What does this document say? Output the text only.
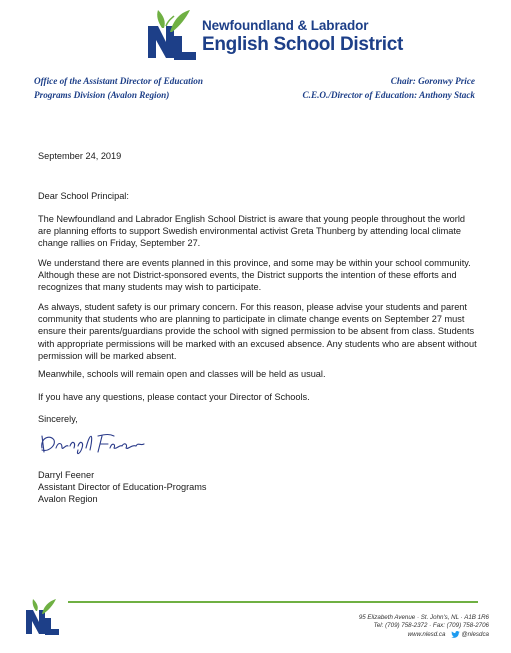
Newfoundland & Labrador
English School District
Office of the Assistant Director of Education
Programs Division (Avalon Region)
Chair: Goronwy Price
C.E.O./Director of Education: Anthony Stack

September 24, 2019

Dear School Principal:

The Newfoundland and Labrador English School District is aware that young people throughout the world are planning efforts to support Swedish environmental activist Greta Thunberg by attending local climate change rallies on Friday, September 27.

We understand there are events planned in this province, and some may be within your school community. Although these are not District-sponsored events, the District supports the intention of these efforts and recognizes that many students may wish to participate.

As always, student safety is our primary concern. For this reason, please advise your students and parent community that students who are planning to participate in climate change events on September 27 must ensure their parents/guardians provide the school with signed permission to be absent from class. Students with appropriate permissions will be marked with an excused absence. Any students who are absent without permission will be marked absent.

Meanwhile, schools will remain open and classes will be held as usual.

If you have any questions, please contact your Director of Schools.

Sincerely,

Darryl Feener

Assistant Director of Education-Programs

Avalon Region

95 Elizabeth Avenue · St. John's, NL · A1B 1R6
Tel: (709) 758-2372 · Fax: (709) 758-2706
www.nlesd.ca	@nlesdca
